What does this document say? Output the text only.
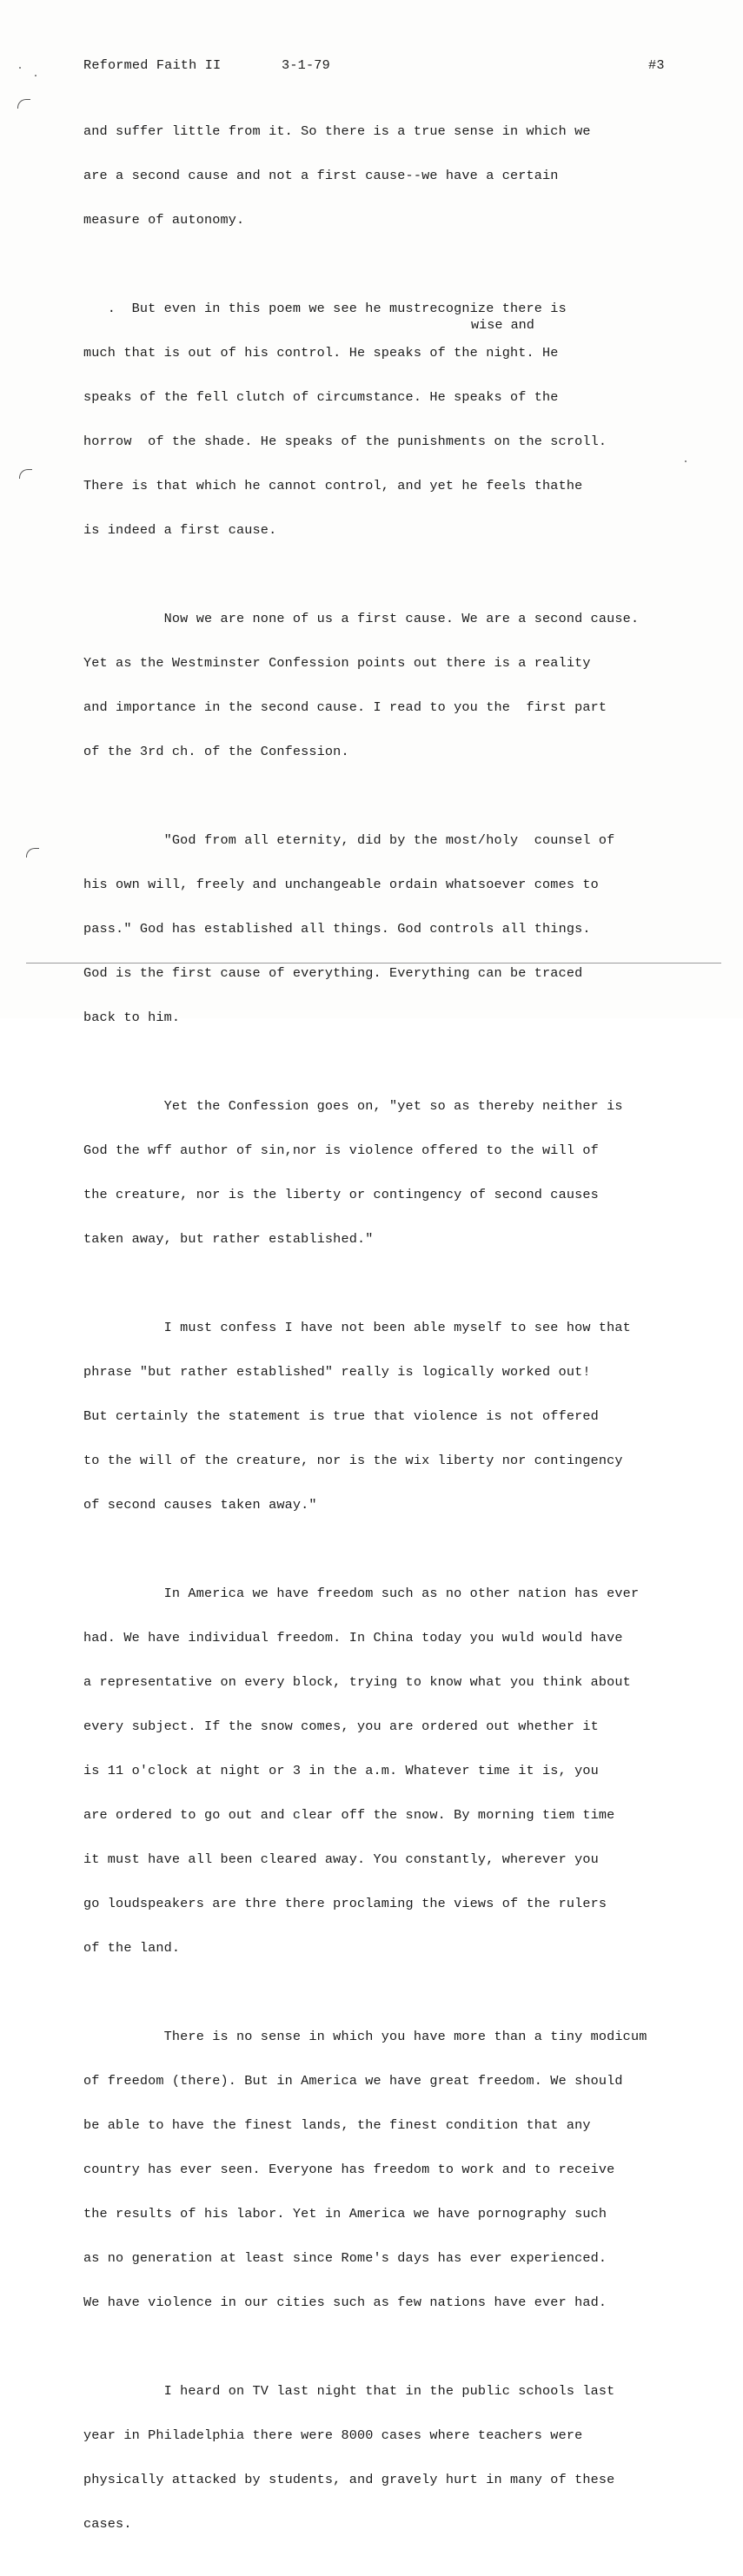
Reformed Faith II	3-1-79	#3
wise and

and suffer little from it. So there is a true sense in which we

are a second cause and not a first cause--we have a certain

measure of autonomy.

.  But even in this poem we see he mustrecognize there is

much that is out of his control. He speaks of the night. He

speaks of the fell clutch of circumstance. He speaks of the

horrow  of the shade. He speaks of the punishments on the scroll.

There is that which he cannot control, and yet he feels thathe

is indeed a first cause.

Now we are none of us a first cause. We are a second cause.

Yet as the Westminster Confession points out there is a reality

and importance in the second cause. I read to you the  first part

of the 3rd ch. of the Confession.

"God from all eternity, did by the most/holy  counsel of

his own will, freely and unchangeable ordain whatsoever comes to

pass." God has established all things. God controls all things.

God is the first cause of everything. Everything can be traced

back to him.

Yet the Confession goes on, "yet so as thereby neither is

God the wff author of sin,nor is violence offered to the will of

the creature, nor is the liberty or contingency of second causes

taken away, but rather established."

I must confess I have not been able myself to see how that

phrase "but rather established" really is logically worked out!

But certainly the statement is true that violence is not offered

to the will of the creature, nor is the wix liberty nor contingency

of second causes taken away."

In America we have freedom such as no other nation has ever

had. We have individual freedom. In China today you wuld would have

a representative on every block, trying to know what you think about

every subject. If the snow comes, you are ordered out whether it

is 11 o'clock at night or 3 in the a.m. Whatever time it is, you

are ordered to go out and clear off the snow. By morning tiem time

it must have all been cleared away. You constantly, wherever you

go loudspeakers are thre there proclaming the views of the rulers

of the land.

There is no sense in which you have more than a tiny modicum

of freedom (there). But in America we have great freedom. We should

be able to have the finest lands, the finest condition that any

country has ever seen. Everyone has freedom to work and to receive

the results of his labor. Yet in America we have pornography such

as no generation at least since Rome's days has ever experienced.

We have violence in our cities such as few nations have ever had.

I heard on TV last night that in the public schools last

year in Philadelphia there were 8000 cases where teachers were

physically attacked by students, and gravely hurt in many of these

cases.
